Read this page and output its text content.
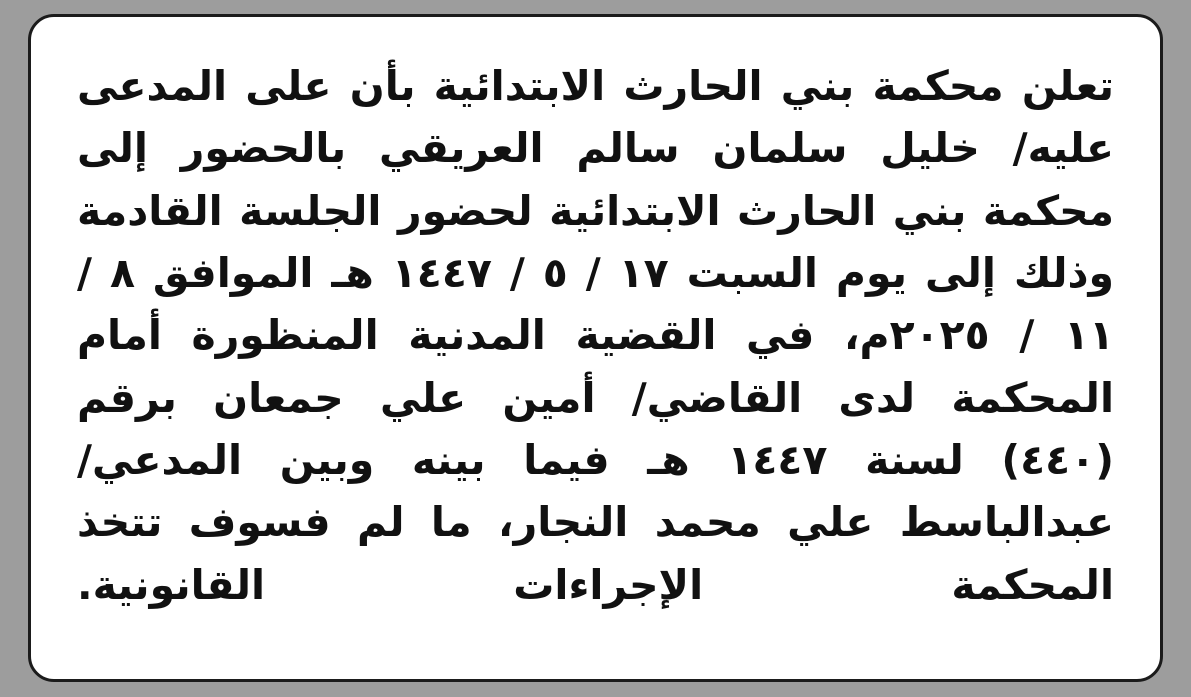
تعلن محكمة بني الحارث الابتدائية بأن على المدعى عليه/ خليل سلمان سالم العريقي بالحضور إلى محكمة بني الحارث الابتدائية لحضور الجلسة القادمة وذلك إلى يوم السبت ١٧ / ٥ / ١٤٤٧ هـ الموافق ٨ / ١١ / ٢٠٢٥م، في القضية المدنية المنظورة أمام المحكمة لدى القاضي/ أمين علي جمعان برقم (٤٤٠) لسنة ١٤٤٧ هـ فيما بينه وبين المدعي/ عبدالباسط علي محمد النجار، ما لم فسوف تتخذ المحكمة الإجراءات القانونية.
